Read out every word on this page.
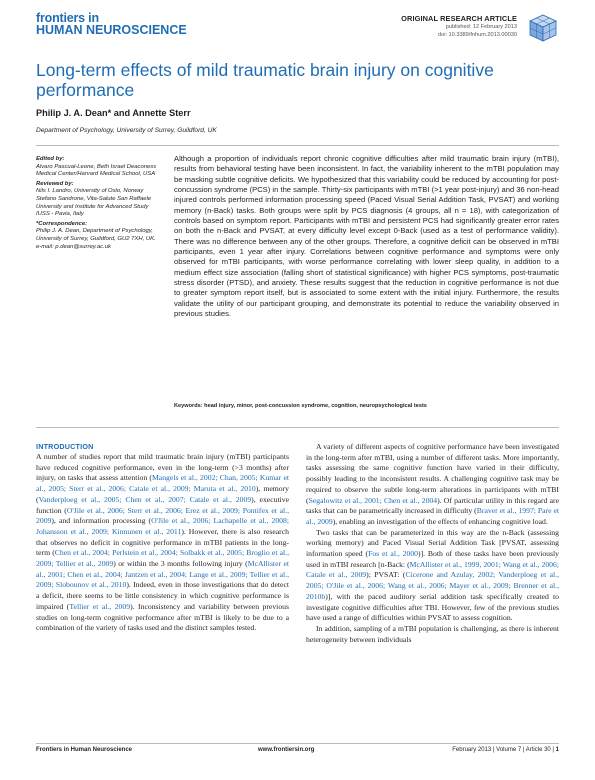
frontiers in
HUMAN NEUROSCIENCE
ORIGINAL RESEARCH ARTICLE
published: 12 February 2013
doi: 10.3389/fnhum.2013.00030
Long-term effects of mild traumatic brain injury on cognitive performance
Philip J. A. Dean* and Annette Sterr
Department of Psychology, University of Surrey, Guildford, UK
Edited by:
Alvaro Pascual-Leone, Beth Israel Deaconess Medical Center/Harvard Medical School, USA
Reviewed by:
Nils I. Landro, University of Oslo, Norway
Stefano Sandrone, Vita-Salute San Raffaele University and Institute for Advanced Study IUSS - Pavia, Italy
*Correspondence:
Philip J. A. Dean, Department of Psychology, University of Surrey, Guildford, GU2 7XH, UK.
e-mail: p.dean@surrey.ac.uk
Although a proportion of individuals report chronic cognitive difficulties after mild traumatic brain injury (mTBI), results from behavioral testing have been inconsistent. In fact, the variability inherent to the mTBI population may be masking subtle cognitive deficits. We hypothesized that this variability could be reduced by accounting for post-concussion syndrome (PCS) in the sample. Thirty-six participants with mTBI (>1 year post-injury) and 36 non-head injured controls performed information processing speed (Paced Visual Serial Addition Task, PVSAT) and working memory (n-Back) tasks. Both groups were split by PCS diagnosis (4 groups, all n = 18), with categorization of controls based on symptom report. Participants with mTBI and persistent PCS had significantly greater error rates on both the n-Back and PVSAT, at every difficulty level except 0-Back (used as a test of performance validity). There was no difference between any of the other groups. Therefore, a cognitive deficit can be observed in mTBI participants, even 1 year after injury. Correlations between cognitive performance and symptoms were only observed for mTBI participants, with worse performance correlating with lower sleep quality, in addition to a medium effect size association (falling short of statistical significance) with higher PCS symptoms, post-traumatic stress disorder (PTSD), and anxiety. These results suggest that the reduction in cognitive performance is not due to greater symptom report itself, but is associated to some extent with the initial injury. Furthermore, the results validate the utility of our participant grouping, and demonstrate its potential to reduce the variability observed in previous studies.
Keywords: head injury, minor, post-concussion syndrome, cognition, neuropsychological tests
INTRODUCTION

A number of studies report that mild traumatic brain injury (mTBI) participants have reduced cognitive performance, even in the long-term (>3 months) after injury, on tasks that assess attention (Mangels et al., 2002; Chan, 2005; Kumar et al., 2005; Sterr et al., 2006; Catale et al., 2009; Maruta et al., 2010), memory (Vanderploeg et al., 2005; Chen et al., 2007; Catale et al., 2009), executive function (O'Jile et al., 2006; Sterr et al., 2006; Erez et al., 2009; Pontifex et al., 2009), and information processing (O'Jile et al., 2006; Lachapelle et al., 2008; Johansson et al., 2009; Kinnunen et al., 2011). However, there is also research that observes no deficit in cognitive performance in mTBI patients in the long-term (Chen et al., 2004; Perlstein et al., 2004; Solbakk et al., 2005; Broglio et al., 2009; Tellier et al., 2009) or within the 3 months following injury (McAllister et al., 2001; Chen et al., 2004; Jantzen et al., 2004; Lange et al., 2009; Tellier et al., 2009; Slobounov et al., 2010). Indeed, even in those investigations that do detect a deficit, there seems to be little consistency in which cognitive performance is impaired (Tellier et al., 2009). Inconsistency and variability between previous studies on long-term cognitive performance after mTBI is likely to be due to a combination of the variety of tasks used and the distinct samples tested.

A variety of different aspects of cognitive performance have been investigated in the long-term after mTBI, using a number of different tasks. More importantly, tasks assessing the same cognitive function have varied in their difficulty, possibly leading to the inconsistent results. A challenging cognitive task may be required to observe the subtle long-term alterations in participants with mTBI (Segalowitz et al., 2001; Chen et al., 2004). Of particular utility in this regard are tasks that can be parametrically increased in difficulty (Braver et al., 1997; Pare et al., 2009), enabling an investigation of the effects of enhancing cognitive load.

Two tasks that can be parameterized in this way are the n-Back (assessing working memory) and Paced Visual Serial Addition Task [PVSAT, assessing information speed (Fos et al., 2000)]. Both of these tasks have been previously used in mTBI research [n-Back: (McAllister et al., 1999, 2001; Wang et al., 2006; Catale et al., 2009); PVSAT: (Cicerone and Azulay, 2002; Vanderploeg et al., 2005; O'Jile et al., 2006; Wang et al., 2006; Mayer et al., 2009; Brenner et al., 2010b)], with the paced auditory serial addition task specifically created to investigate cognitive difficulties after TBI. However, few of the previous studies have used a range of difficulties within PVSAT to assess cognition.

In addition, sampling of a mTBI population is challenging, as there is inherent heterogeneity between individuals

Frontiers in Human Neuroscience	www.frontiersin.org	February 2013 | Volume 7 | Article 30 | 1
